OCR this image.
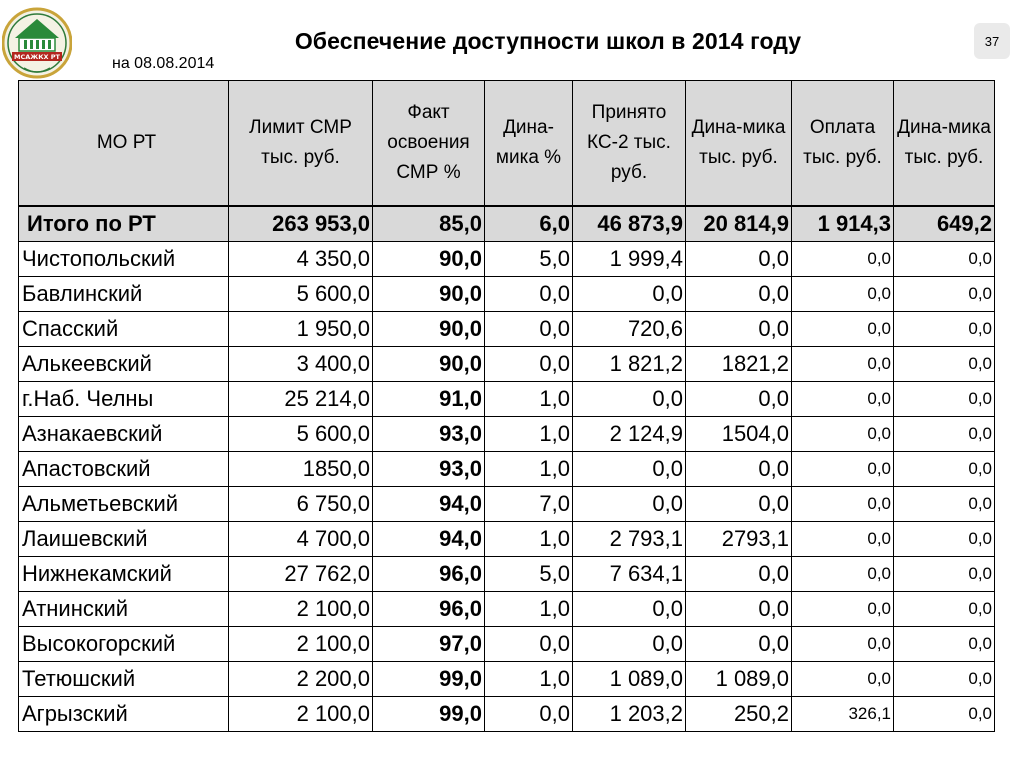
МСАЖКХ РТ
Обеспечение доступности школ в 2014 году
на 08.08.2014
37
МО РТ	Лимит СМР тыс. руб.	Факт освоения СМР %	Дина-мика %	Принято КС-2 тыс. руб.	Дина-мика тыс. руб.	Оплата тыс. руб.	Дина-мика тыс. руб.
Итого по РТ	263 953,0	85,0	6,0	46 873,9	20 814,9	1 914,3	649,2
Чистопольский	4 350,0	90,0	5,0	1 999,4	0,0	0,0	0,0
Бавлинский	5 600,0	90,0	0,0	0,0	0,0	0,0	0,0
Спасский	1 950,0	90,0	0,0	720,6	0,0	0,0	0,0
Алькеевский	3 400,0	90,0	0,0	1 821,2	1821,2	0,0	0,0
г.Наб. Челны	25 214,0	91,0	1,0	0,0	0,0	0,0	0,0
Азнакаевский	5 600,0	93,0	1,0	2 124,9	1504,0	0,0	0,0
Апастовский	1850,0	93,0	1,0	0,0	0,0	0,0	0,0
Альметьевский	6 750,0	94,0	7,0	0,0	0,0	0,0	0,0
Лаишевский	4 700,0	94,0	1,0	2 793,1	2793,1	0,0	0,0
Нижнекамский	27 762,0	96,0	5,0	7 634,1	0,0	0,0	0,0
Атнинский	2 100,0	96,0	1,0	0,0	0,0	0,0	0,0
Высокогорский	2 100,0	97,0	0,0	0,0	0,0	0,0	0,0
Тетюшский	2 200,0	99,0	1,0	1 089,0	1 089,0	0,0	0,0
Агрызский	2 100,0	99,0	0,0	1 203,2	250,2	326,1	0,0
